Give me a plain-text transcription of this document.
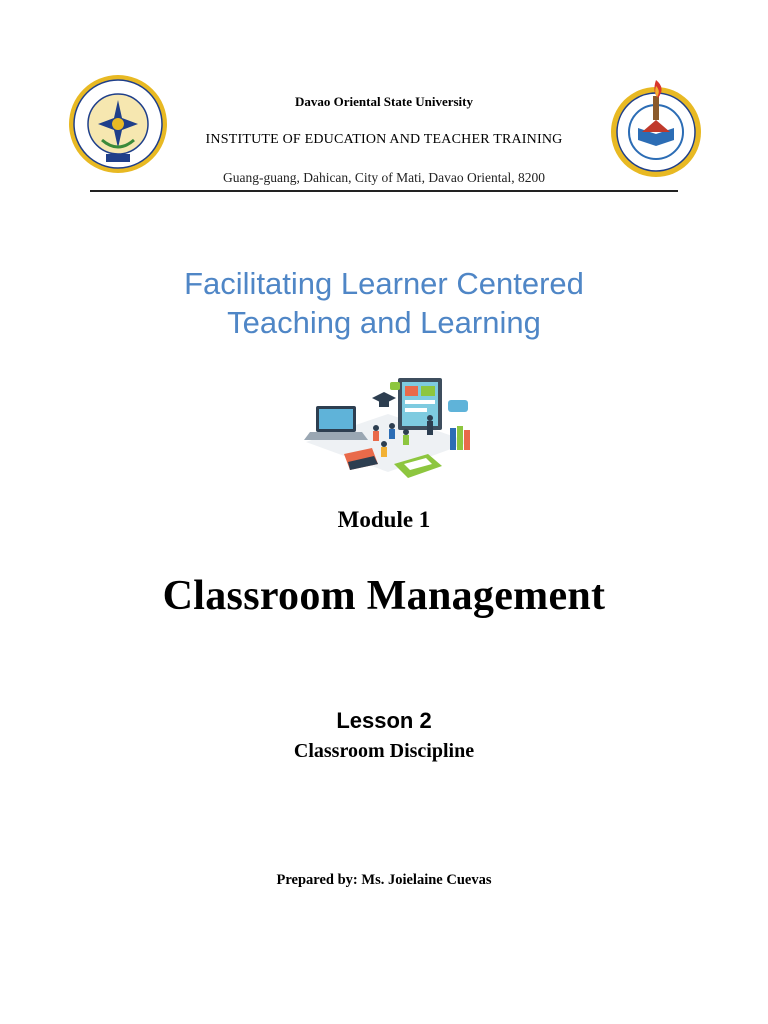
Davao Oriental State University
INSTITUTE OF EDUCATION AND TEACHER TRAINING
Guang-guang, Dahican, City of Mati, Davao Oriental, 8200
Facilitating Learner Centered
Teaching and Learning
Module 1
Classroom Management
Lesson 2
Classroom Discipline
Prepared by: Ms. Joielaine Cuevas
